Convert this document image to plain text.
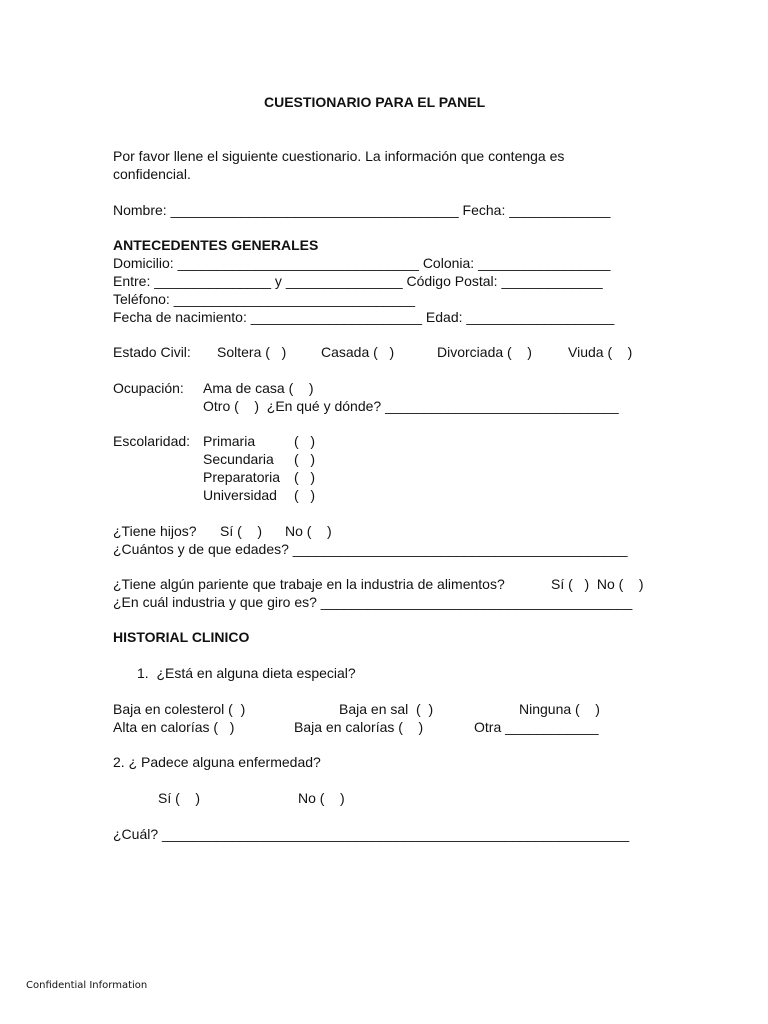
CUESTIONARIO PARA EL PANEL
Por favor llene el siguiente cuestionario. La información que contenga es
confidencial.
Nombre: _____________________________________ Fecha: _____________
ANTECEDENTES GENERALES
Domicilio: _______________________________ Colonia: _________________
Entre: _______________ y _______________ Código Postal: _____________
Teléfono: _______________________________
Fecha de nacimiento: ______________________ Edad: ___________________
Estado Civil: Soltera (   ) Casada (   )	Divorciada (    )	Viuda (    )
Ocupación: Ama de casa (    )
Otro (    )  ¿En qué y dónde? ______________________________
Escolaridad: Primaria	(   )
Secundaria (   )
Preparatoria (   )
Universidad (   )
¿Tiene hijos? Sí (    ) No (    )
¿Cuántos y de que edades? ___________________________________________
¿Tiene algún pariente que trabaje en la industria de alimentos?	Sí (   )  No (    )
¿En cuál industria y que giro es? ________________________________________
HISTORIAL CLINICO
1.  ¿Está en alguna dieta especial?
Baja en colesterol (  )	Baja en sal  (  )	Ninguna (    )
Alta en calorías (   )	Baja en calorías (    )	Otra ____________
2. ¿ Padece alguna enfermedad?
Sí (    )	No (    )
¿Cuál? ____________________________________________________________
Confidential Information
